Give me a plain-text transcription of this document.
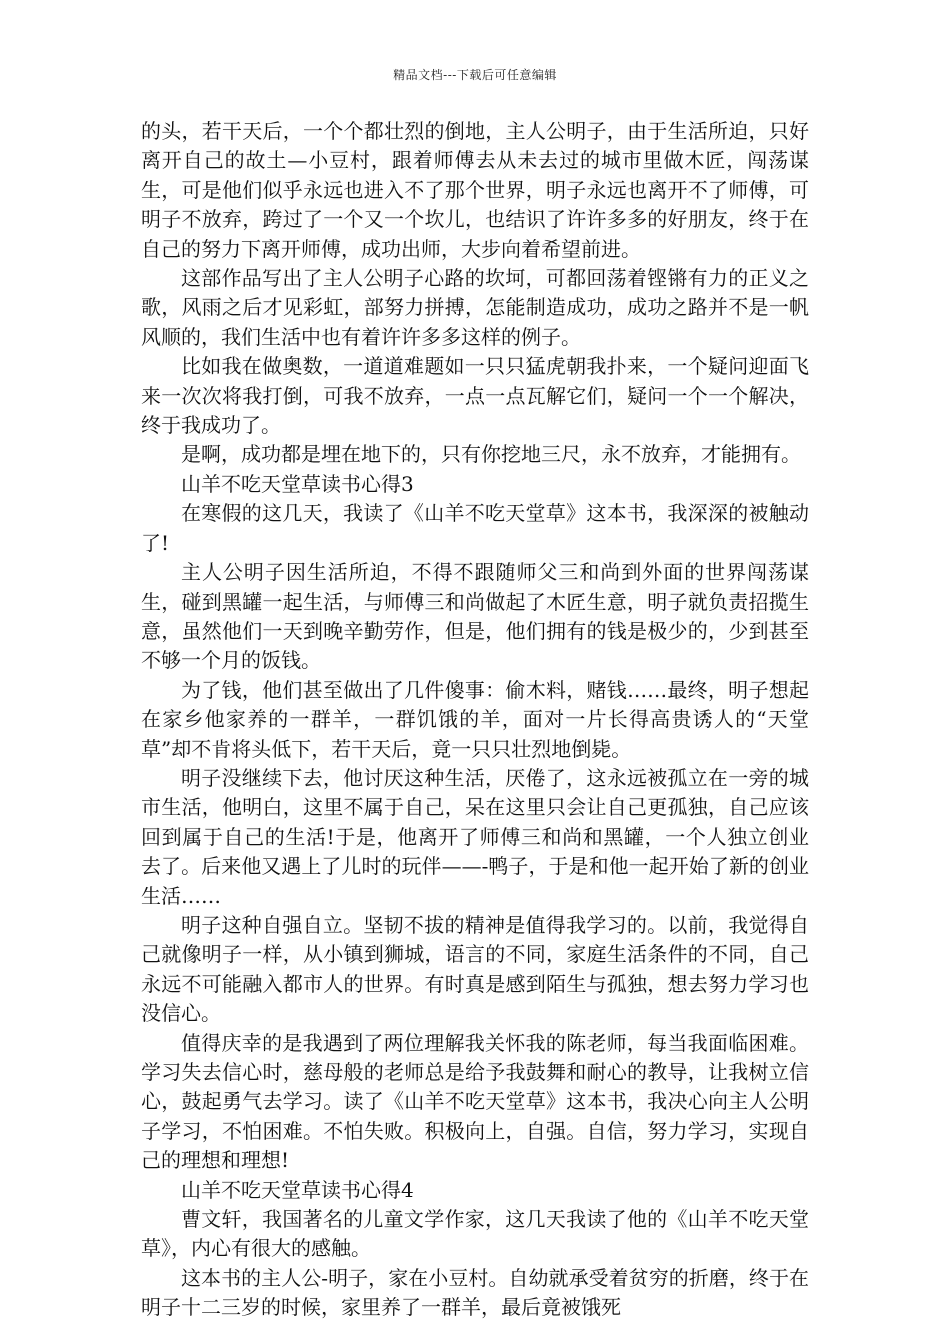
精品文档---下载后可任意编辑

的头，若干天后，一个个都壮烈的倒地，主人公明子，由于生活所迫，只好离开自己的故土—小豆村，跟着师傅去从未去过的城市里做木匠，闯荡谋生，可是他们似乎永远也进入不了那个世界，明子永远也离开不了师傅，可明子不放弃，跨过了一个又一个坎儿，也结识了许许多多的好朋友，终于在自己的努力下离开师傅，成功出师，大步向着希望前进。

这部作品写出了主人公明子心路的坎坷，可都回荡着铿锵有力的正义之歌，风雨之后才见彩虹，部努力拼搏，怎能制造成功，成功之路并不是一帆风顺的，我们生活中也有着许许多多这样的例子。

比如我在做奥数，一道道难题如一只只猛虎朝我扑来，一个疑问迎面飞来一次次将我打倒，可我不放弃，一点一点瓦解它们，疑问一个一个解决，终于我成功了。

是啊，成功都是埋在地下的，只有你挖地三尺，永不放弃，才能拥有。

山羊不吃天堂草读书心得3

在寒假的这几天，我读了《山羊不吃天堂草》这本书，我深深的被触动了!

主人公明子因生活所迫，不得不跟随师父三和尚到外面的世界闯荡谋生，碰到黑罐一起生活，与师傅三和尚做起了木匠生意，明子就负责招揽生意，虽然他们一天到晚辛勤劳作，但是，他们拥有的钱是极少的，少到甚至不够一个月的饭钱。

为了钱，他们甚至做出了几件傻事：偷木料，赌钱……最终，明子想起在家乡他家养的一群羊，一群饥饿的羊，面对一片长得高贵诱人的“天堂草”却不肯将头低下，若干天后，竟一只只壮烈地倒毙。

明子没继续下去，他讨厌这种生活，厌倦了，这永远被孤立在一旁的城市生活，他明白，这里不属于自己，呆在这里只会让自己更孤独，自己应该回到属于自己的生活!于是，他离开了师傅三和尚和黑罐，一个人独立创业去了。后来他又遇上了儿时的玩伴——-鸭子，于是和他一起开始了新的创业生活……

明子这种自强自立。坚韧不拔的精神是值得我学习的。以前，我觉得自己就像明子一样，从小镇到狮城，语言的不同，家庭生活条件的不同，自己永远不可能融入都市人的世界。有时真是感到陌生与孤独，想去努力学习也没信心。

值得庆幸的是我遇到了两位理解我关怀我的陈老师，每当我面临困难。学习失去信心时，慈母般的老师总是给予我鼓舞和耐心的教导，让我树立信心，鼓起勇气去学习。读了《山羊不吃天堂草》这本书，我决心向主人公明子学习，不怕困难。不怕失败。积极向上，自强。自信，努力学习，实现自己的理想和理想!

山羊不吃天堂草读书心得4

曹文轩，我国著名的儿童文学作家，这几天我读了他的《山羊不吃天堂草》，内心有很大的感触。

这本书的主人公-明子，家在小豆村。自幼就承受着贫穷的折磨，终于在明子十二三岁的时候，家里养了一群羊，最后竟被饿死
